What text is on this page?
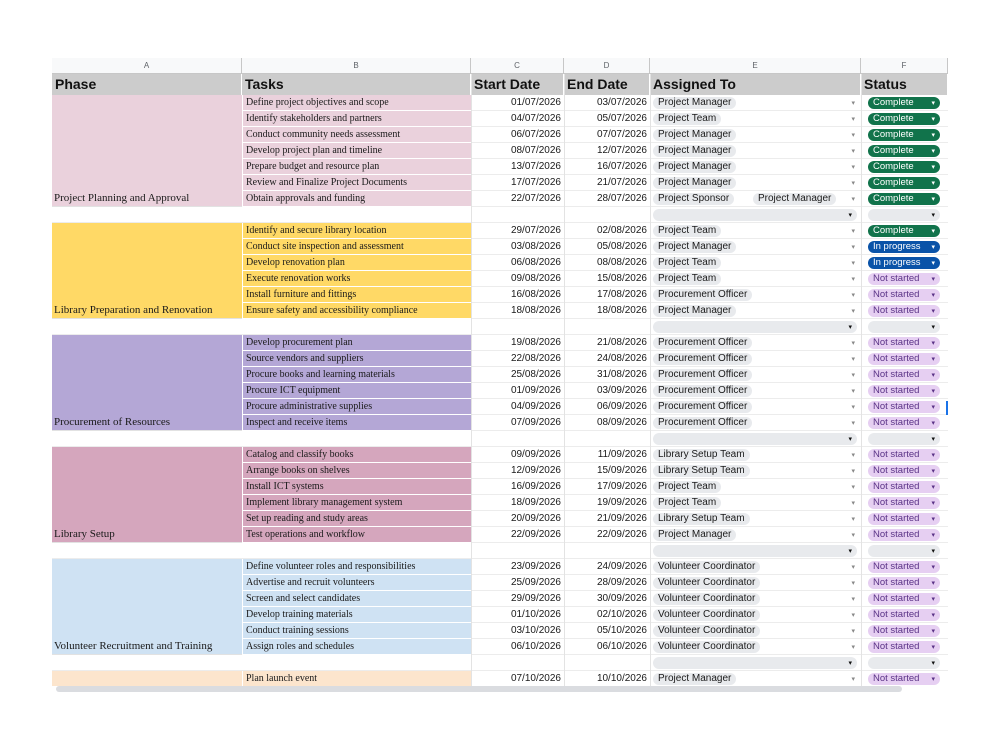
A	B	C	D	E	F
Phase	Tasks	Start Date	End Date	Assigned To	Status
Project Planning and Approval
Define project objectives and scope	01/07/2026	03/07/2026	Project Manager	▾	Complete	▾
Identify stakeholders and partners	04/07/2026	05/07/2026	Project Team	▾	Complete	▾
Conduct community needs assessment	06/07/2026	07/07/2026	Project Manager	▾	Complete	▾
Develop project plan and timeline	08/07/2026	12/07/2026	Project Manager	▾	Complete	▾
Prepare budget and resource plan	13/07/2026	16/07/2026	Project Manager	▾	Complete	▾
Review and Finalize Project Documents	17/07/2026	21/07/2026	Project Manager	▾	Complete	▾
Obtain approvals and funding	22/07/2026	28/07/2026	Project Sponsor	Project Manager	▾	Complete	▾
▾	▾
Library Preparation and Renovation
Identify and secure library location	29/07/2026	02/08/2026	Project Team	▾	Complete	▾
Conduct site inspection and assessment	03/08/2026	05/08/2026	Project Manager	▾	In progress ▾
Develop renovation plan	06/08/2026	08/08/2026	Project Team	▾	In progress ▾
Execute renovation works	09/08/2026	15/08/2026	Project Team	▾	Not started ▾
Install furniture and fittings	16/08/2026	17/08/2026	Procurement Officer	▾	Not started ▾
Ensure safety and accessibility compliance	18/08/2026	18/08/2026	Project Manager	▾	Not started ▾
▾	▾
Procurement of Resources
Develop procurement plan	19/08/2026	21/08/2026	Procurement Officer	▾	Not started ▾
Source vendors and suppliers	22/08/2026	24/08/2026	Procurement Officer	▾	Not started ▾
Procure books and learning materials	25/08/2026	31/08/2026	Procurement Officer	▾	Not started ▾
Procure ICT equipment	01/09/2026	03/09/2026	Procurement Officer	▾	Not started ▾
Procure administrative supplies	04/09/2026	06/09/2026	Procurement Officer	▾	Not started ▾
Inspect and receive items	07/09/2026	08/09/2026	Procurement Officer	▾	Not started ▾
▾	▾
Library Setup
Catalog and classify books	09/09/2026	11/09/2026	Library Setup Team	▾	Not started ▾
Arrange books on shelves	12/09/2026	15/09/2026	Library Setup Team	▾	Not started ▾
Install ICT systems	16/09/2026	17/09/2026	Project Team	▾	Not started ▾
Implement library management system	18/09/2026	19/09/2026	Project Team	▾	Not started ▾
Set up reading and study areas	20/09/2026	21/09/2026	Library Setup Team	▾	Not started ▾
Test operations and workflow	22/09/2026	22/09/2026	Project Manager	▾	Not started ▾
▾	▾
Volunteer Recruitment and Training
Define volunteer roles and responsibilities	23/09/2026	24/09/2026	Volunteer Coordinator	▾	Not started ▾
Advertise and recruit volunteers	25/09/2026	28/09/2026	Volunteer Coordinator	▾	Not started ▾
Screen and select candidates	29/09/2026	30/09/2026	Volunteer Coordinator	▾	Not started ▾
Develop training materials	01/10/2026	02/10/2026	Volunteer Coordinator	▾	Not started ▾
Conduct training sessions	03/10/2026	05/10/2026	Volunteer Coordinator	▾	Not started ▾
Assign roles and schedules	06/10/2026	06/10/2026	Volunteer Coordinator	▾	Not started ▾
▾	▾
Plan launch event	07/10/2026	10/10/2026	Project Manager	▾	Not started ▾
